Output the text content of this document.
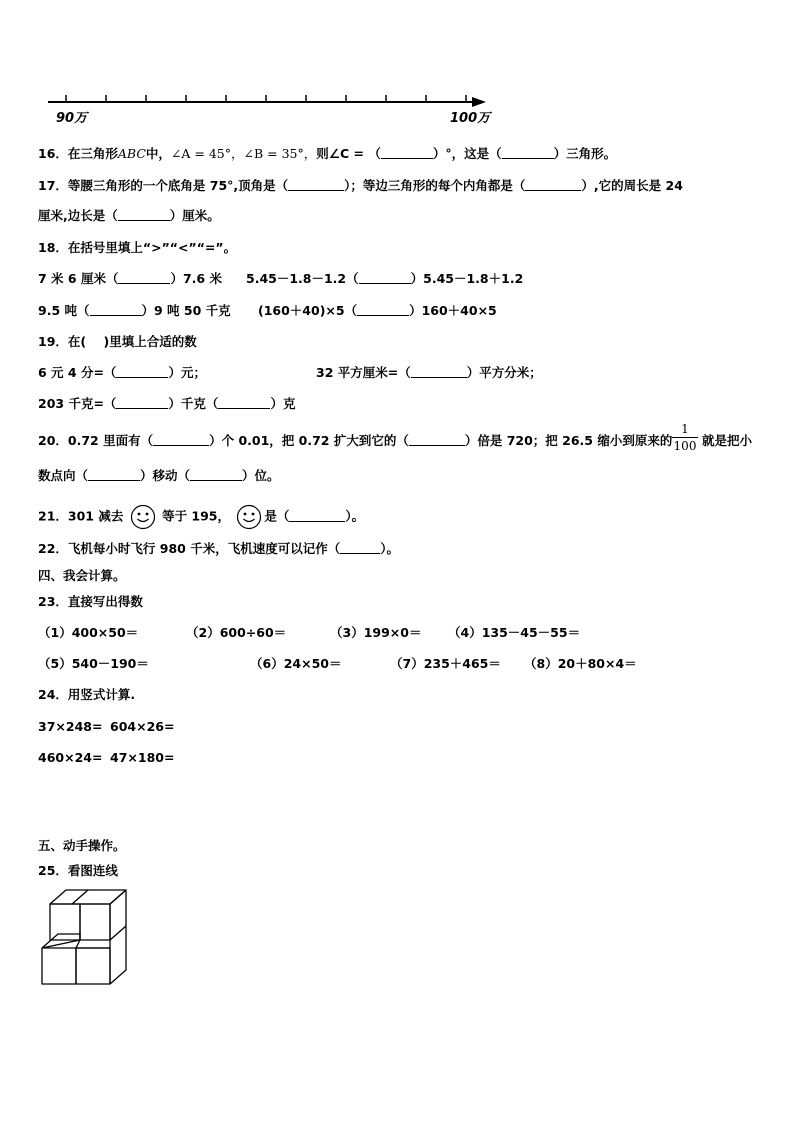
90万	100万
16．在三角形ABC中，∠A = 45°，∠B = 35°，则∠C = （	）°，这是（	）三角形。
17．等腰三角形的一个底角是 75°,顶角是（	）；等边三角形的每个内角都是（	）,它的周长是 24
厘米,边长是（	）厘米。
18．在括号里填上“>”“<”“=”。
7 米 6 厘米（	）7.6 米 5.45－1.8－1.2（	）5.45－1.8＋1.2
9.5 吨（	）9 吨 50 千克 (160＋40)×5（	）160＋40×5
19．在(    )里填上合适的数
6 元 4 分=（	）元；	32 平方厘米=（	）平方分米；
203 千克=（	）千克（	）克
20．0.72 里面有（	）个 0.01，把 0.72 扩大到它的（	）倍是 720；把 26.5 缩小到原来的
1
100 就是把小
数点向（	）移动（	）位。
21．301 减去	等于 195，	是（	）。
22．飞机每小时飞行 980 千米，飞机速度可以记作（	）。
四、我会计算。
23．直接写出得数
（1）400×50＝	（2）600÷60＝	（3）199×0＝ （4）135－45－55＝
（5）540－190＝	（6）24×50＝	（7）235＋465＝ （8）20＋80×4＝
24．用竖式计算.
37×248= 604×26=
460×24= 47×180=
五、动手操作。
25．看图连线
